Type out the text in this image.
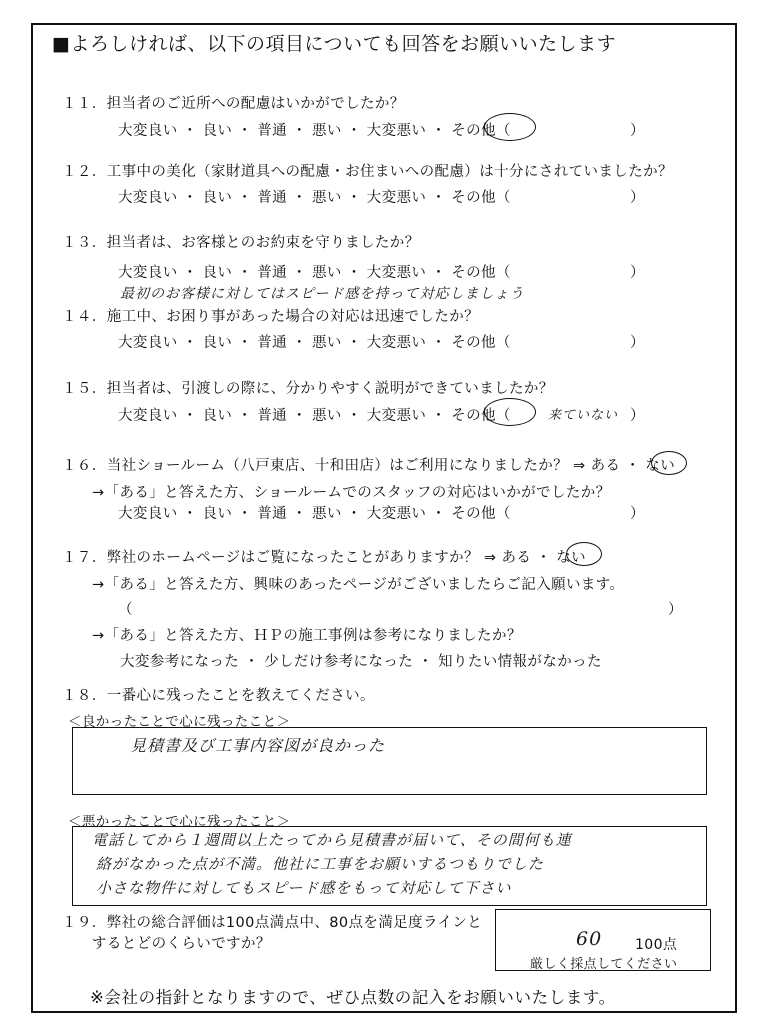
■よろしければ、以下の項目についても回答をお願いいたします
１１．担当者のご近所への配慮はいかがでしたか？
大変良い ・ 良い ・ 普通 ・ 悪い ・ 大変悪い ・ その他（	）
１２．工事中の美化（家財道具への配慮・お住まいへの配慮）は十分にされていましたか？
大変良い ・ 良い ・ 普通 ・ 悪い ・ 大変悪い ・ その他（	）
１３．担当者は、お客様とのお約束を守りましたか？
大変良い ・ 良い ・ 普通 ・ 悪い ・ 大変悪い ・ その他（	）
最初のお客様に対してはスピード感を持って対応しましょう
１４．施工中、お困り事があった場合の対応は迅速でしたか？
大変良い ・ 良い ・ 普通 ・ 悪い ・ 大変悪い ・ その他（	）
１５．担当者は、引渡しの際に、分かりやすく説明ができていましたか？
大変良い ・ 良い ・ 普通 ・ 悪い ・ 大変悪い ・ その他（	来ていない ）
１６．当社ショールーム（八戸東店、十和田店）はご利用になりましたか？ ⇒ ある ・ ない
→「ある」と答えた方、ショールームでのスタッフの対応はいかがでしたか？
大変良い ・ 良い ・ 普通 ・ 悪い ・ 大変悪い ・ その他（	）
１７．弊社のホームページはご覧になったことがありますか？ ⇒ ある ・ ない
→「ある」と答えた方、興味のあったページがございましたらご記入願います。
（	）
→「ある」と答えた方、ＨＰの施工事例は参考になりましたか？
大変参考になった ・ 少しだけ参考になった ・ 知りたい情報がなかった
１８．一番心に残ったことを教えてください。
＜良かったことで心に残ったこと＞
見積書及び工事内容図が良かった
＜悪かったことで心に残ったこと＞
電話してから１週間以上たってから見積書が届いて、その間何も連
絡がなかった点が不満。他社に工事をお願いするつもりでした
小さな物件に対してもスピード感をもって対応して下さい
１９．弊社の総合評価は100点満点中、80点を満足度ラインと
するとどのくらいですか？	60 100点
厳しく採点してください
※会社の指針となりますので、ぜひ点数の記入をお願いいたします。
